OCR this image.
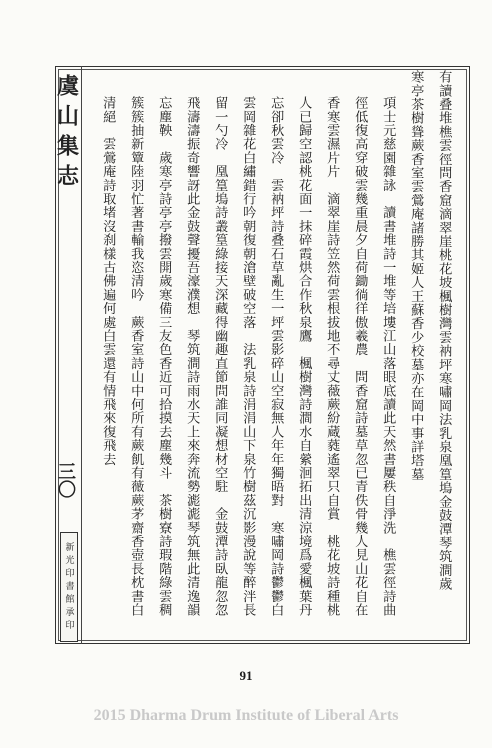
虞山集志
三〇
新光印書館承印	有讀叠堆樵雲徑問香窟滴翠崖桃花坡楓樹灣雲衲坪寒嘯岡法乳泉凰篁塢金鼓潭琴筑澗歲
寒亭茶樹聳蕨香室雲鶯庵諸勝其姬人王蘇香少校墓亦在岡中事詳塔墓
項士元慈園雜詠　讀書堆詩一堆等培塿江山落眼底讀此天然書屢秩自淨洗　樵雲徑詩曲
徑低復高穿破雲幾重晨夕自荷鋤徜徉傲羲農　問香窟詩墓草忽已青佚骨幾人見山花自在
香寒雲濕片片　滴翠崖詩笠然荷雲根拔地不尋丈薇蕨紛蔵蕤遙翠只自賞　桃花坡詩種桃
人已歸空認桃花面一抹碎霞烘合作秋泉鷹　楓樹灣詩澗水自縈洄拓出清涼境爲愛楓葉丹
忘卻秋雲冷　雲衲坪詩叠石草亂生一坪雲影碎山空寂無人年年獨晤對　寒嘯岡詩鬱鬱白
雲岡雜花白繡錯行吟朝復朝滄壁破空落　法乳泉詩涓涓山下泉竹樹茲沉影漫說等醉泮長
留一勺冷　凰篁塢詩叢篁綠接天深藏得幽趣直節問誰同凝想材空駐　金鼓潭詩臥龍忽忽
飛濤濤振奇響訝此金鼓聲擾吾濠濮想　琴筑澗詩雨水天上來奔流勢滮滮琴筑無此清逸韻
忘塵鞅　歲寒亭詩亭亭撥雲開歲寒備三友色香近可拾摸去塵幾斗　茶樹寮詩瑕階綠雲稠
簇簇抽新簟陸羽忙著書輸我恣清吟　蕨香室詩山中何所有蕨飢有薇蕨茅齋香壺長枕書白
清絕　雲鶯庵詩取堵沒刹樣古佛遍何處白雲還有情飛來復飛去
91
2015 Dharma Drum Institute of Liberal Arts
